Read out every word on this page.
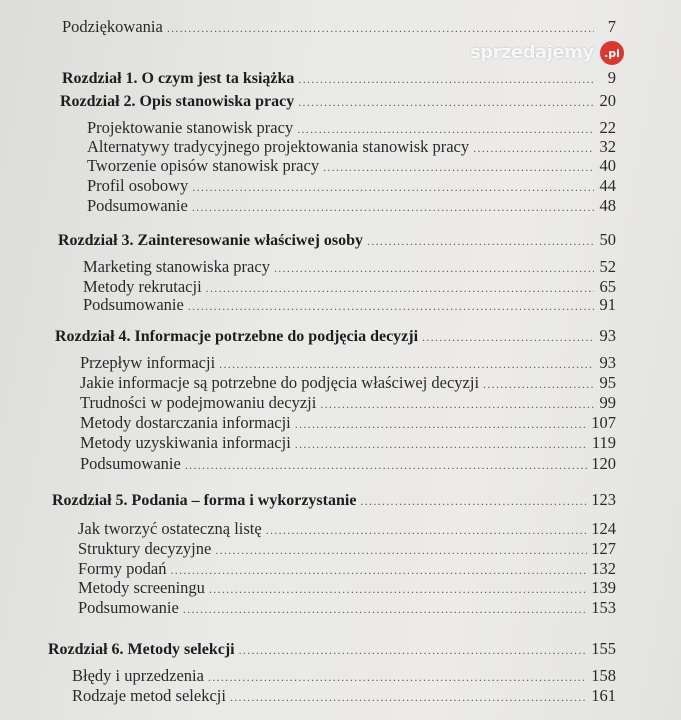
Podziękowania .....	7
Rozdział 1. O czym jest ta książka .....	9
Rozdział 2. Opis stanowiska pracy .....	20
Projektowanie stanowisk pracy .....	22
Alternatywy tradycyjnego projektowania stanowisk pracy .....	32
Tworzenie opisów stanowisk pracy .....	40
Profil osobowy .....	44
Podsumowanie .....	48
Rozdział 3. Zainteresowanie właściwej osoby .....	50
Marketing stanowiska pracy .....	52
Metody rekrutacji .....	65
Podsumowanie .....	91
Rozdział 4. Informacje potrzebne do podjęcia decyzji .....	93
Przepływ informacji .....	93
Jakie informacje są potrzebne do podjęcia właściwej decyzji .....	95
Trudności w podejmowaniu decyzji .....	99
Metody dostarczania informacji .....	107
Metody uzyskiwania informacji .....	119
Podsumowanie .....	120
Rozdział 5. Podania – forma i wykorzystanie .....	123
Jak tworzyć ostateczną listę .....	124
Struktury decyzyjne .....	127
Formy podań .....	132
Metody screeningu .....	139
Podsumowanie .....	153
Rozdział 6. Metody selekcji .....	155
Błędy i uprzedzenia .....	158
Rodzaje metod selekcji .....	161
sprzedajemy .pl
